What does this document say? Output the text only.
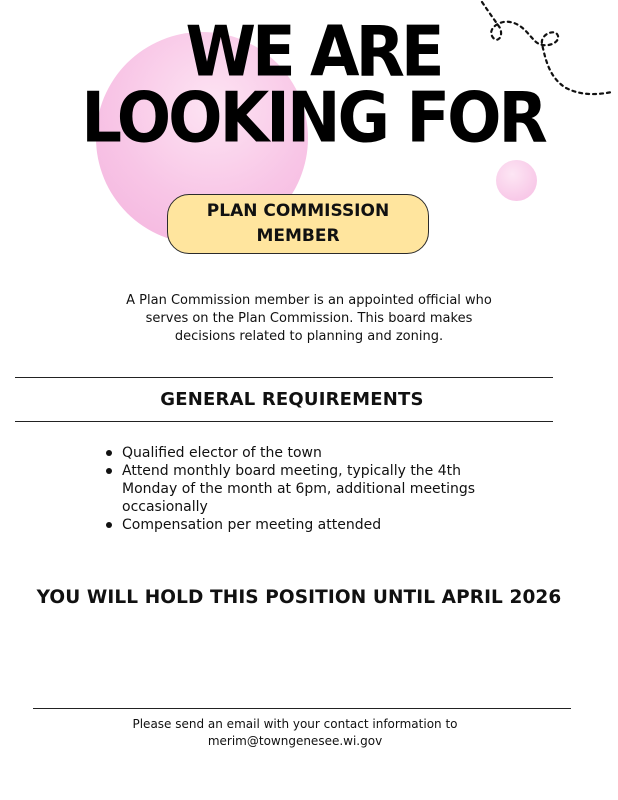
WE ARE
LOOKING FOR
PLAN COMMISSION
MEMBER

A Plan Commission member is an appointed official who
serves on the Plan Commission. This board makes
decisions related to planning and zoning.

GENERAL REQUIREMENTS
Qualified elector of the town
Attend monthly board meeting, typically the 4th
Monday of the month at 6pm, additional meetings
occasionally
Compensation per meeting attended
YOU WILL HOLD THIS POSITION UNTIL APRIL 2026

Please send an email with your contact information to
merim@towngenesee.wi.gov
